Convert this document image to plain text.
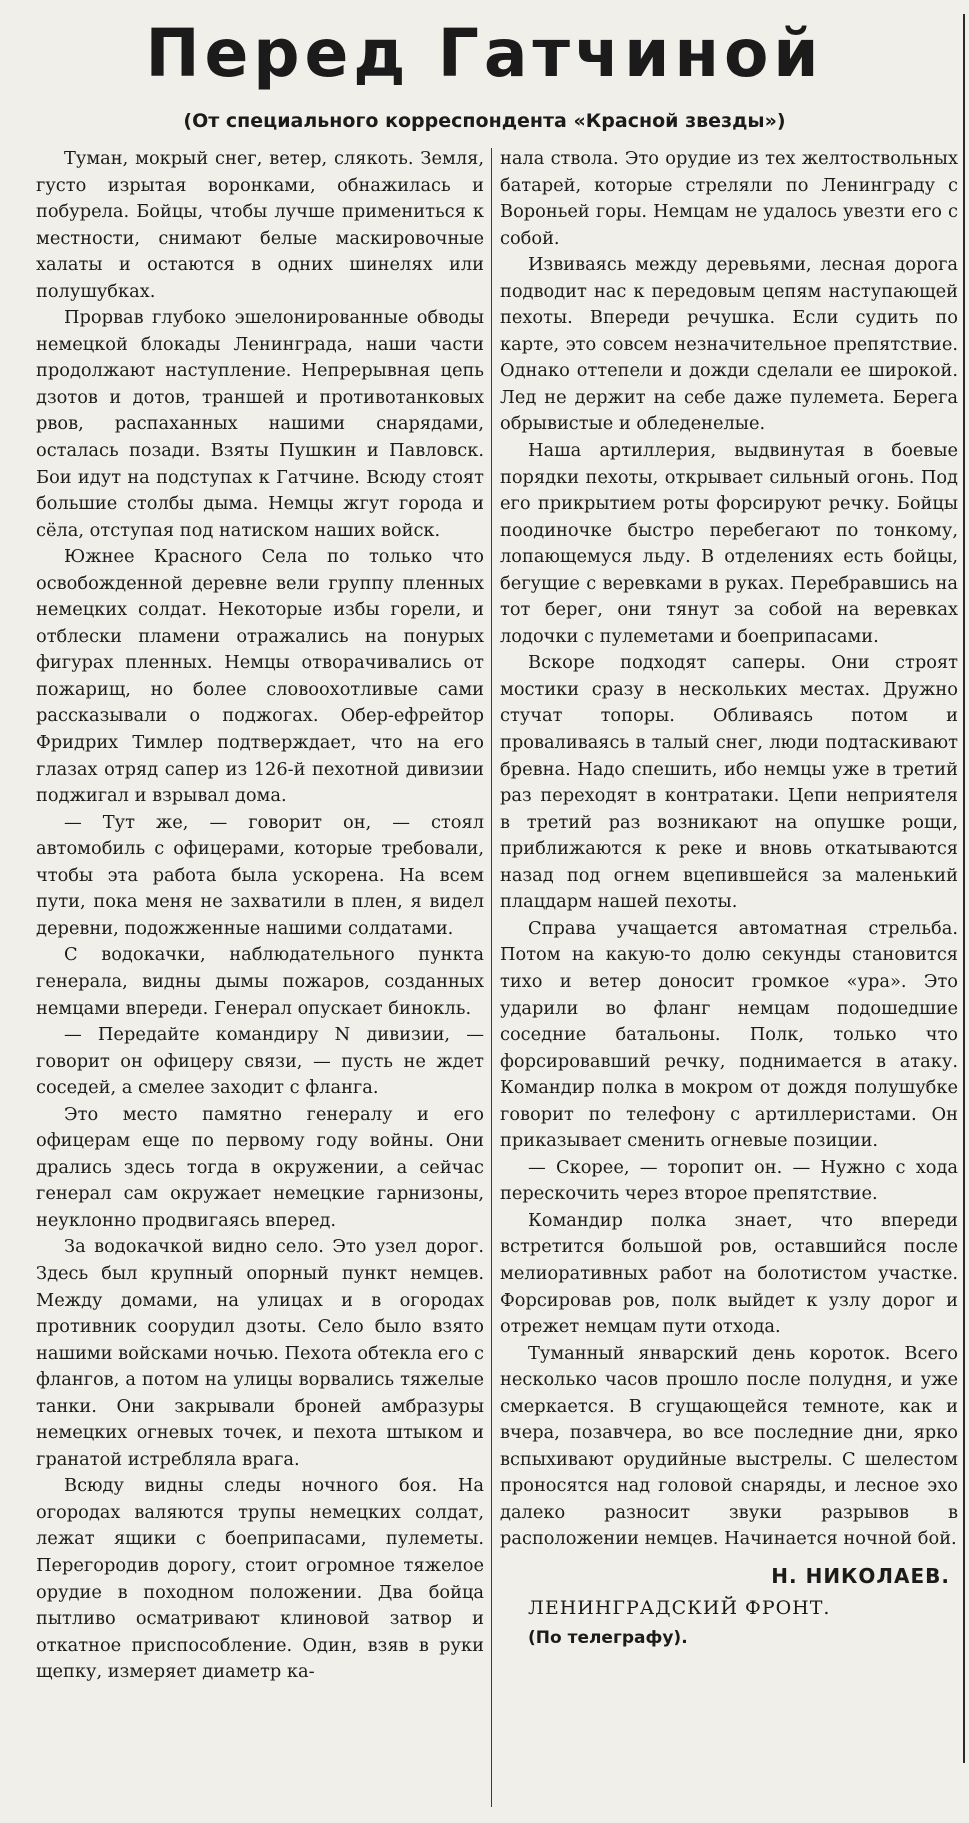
Перед Гатчиной
(От специального корреспондента «Красной звезды»)

Туман, мокрый снег, ветер, слякоть. Земля, густо изрытая воронками, обнажилась и побурела. Бойцы, чтобы лучше примениться к местности, снимают белые маскировочные халаты и остаются в одних шинелях или полушубках.

Прорвав глубоко эшелонированные обводы немецкой блокады Ленинграда, наши части продолжают наступление. Непрерывная цепь дзотов и дотов, траншей и противотанковых рвов, распаханных нашими снарядами, осталась позади. Взяты Пушкин и Павловск. Бои идут на подступах к Гатчине. Всюду стоят большие столбы дыма. Немцы жгут города и сёла, отступая под натиском наших войск.

Южнее Красного Села по только что освобожденной деревне вели группу пленных немецких солдат. Некоторые избы горели, и отблески пламени отражались на понурых фигурах пленных. Немцы отворачивались от пожарищ, но более словоохотливые сами рассказывали о поджогах. Обер-ефрейтор Фридрих Тимлер подтверждает, что на его глазах отряд сапер из 126-й пехотной дивизии поджигал и взрывал дома.

— Тут же, — говорит он, — стоял автомобиль с офицерами, которые требовали, чтобы эта работа была ускорена. На всем пути, пока меня не захватили в плен, я видел деревни, подожженные нашими солдатами.

С водокачки, наблюдательного пункта генерала, видны дымы пожаров, созданных немцами впереди. Генерал опускает бинокль.

— Передайте командиру N дивизии, — говорит он офицеру связи, — пусть не ждет соседей, а смелее заходит с фланга.

Это место памятно генералу и его офицерам еще по первому году войны. Они дрались здесь тогда в окружении, а сейчас генерал сам окружает немецкие гарнизоны, неуклонно продвигаясь вперед.

За водокачкой видно село. Это узел дорог. Здесь был крупный опорный пункт немцев. Между домами, на улицах и в огородах противник соорудил дзоты. Село было взято нашими войсками ночью. Пехота обтекла его с флангов, а потом на улицы ворвались тяжелые танки. Они закрывали броней амбразуры немецких огневых точек, и пехота штыком и гранатой истребляла врага.

Всюду видны следы ночного боя. На огородах валяются трупы немецких солдат, лежат ящики с боеприпасами, пулеметы. Перегородив дорогу, стоит огромное тяжелое орудие в походном положении. Два бойца пытливо осматривают клиновой затвор и откатное приспособление. Один, взяв в руки щепку, измеряет диаметр ка-

нала ствола. Это орудие из тех желтоствольных батарей, которые стреляли по Ленинграду с Вороньей горы. Немцам не удалось увезти его с собой.

Извиваясь между деревьями, лесная дорога подводит нас к передовым цепям наступающей пехоты. Впереди речушка. Если судить по карте, это совсем незначительное препятствие. Однако оттепели и дожди сделали ее широкой. Лед не держит на себе даже пулемета. Берега обрывистые и обледенелые.

Наша артиллерия, выдвинутая в боевые порядки пехоты, открывает сильный огонь. Под его прикрытием роты форсируют речку. Бойцы поодиночке быстро перебегают по тонкому, лопающемуся льду. В отделениях есть бойцы, бегущие с веревками в руках. Перебравшись на тот берег, они тянут за собой на веревках лодочки с пулеметами и боеприпасами.

Вскоре подходят саперы. Они строят мостики сразу в нескольких местах. Дружно стучат топоры. Обливаясь потом и проваливаясь в талый снег, люди подтаскивают бревна. Надо спешить, ибо немцы уже в третий раз переходят в контратаки. Цепи неприятеля в третий раз возникают на опушке рощи, приближаются к реке и вновь откатываются назад под огнем вцепившейся за маленький плацдарм нашей пехоты.

Справа учащается автоматная стрельба. Потом на какую-то долю секунды становится тихо и ветер доносит громкое «ура». Это ударили во фланг немцам подошедшие соседние батальоны. Полк, только что форсировавший речку, поднимается в атаку. Командир полка в мокром от дождя полушубке говорит по телефону с артиллеристами. Он приказывает сменить огневые позиции.

— Скорее, — торопит он. — Нужно с хода перескочить через второе препятствие.

Командир полка знает, что впереди встретится большой ров, оставшийся после мелиоративных работ на болотистом участке. Форсировав ров, полк выйдет к узлу дорог и отрежет немцам пути отхода.

Туманный январский день короток. Всего несколько часов прошло после полудня, и уже смеркается. В сгущающейся темноте, как и вчера, позавчера, во все последние дни, ярко вспыхивают орудийные выстрелы. С шелестом проносятся над головой снаряды, и лесное эхо далеко разносит звуки разрывов в расположении немцев. Начинается ночной бой.

Н. НИКОЛАЕВ.

ЛЕНИНГРАДСКИЙ ФРОНТ.

(По телеграфу).
